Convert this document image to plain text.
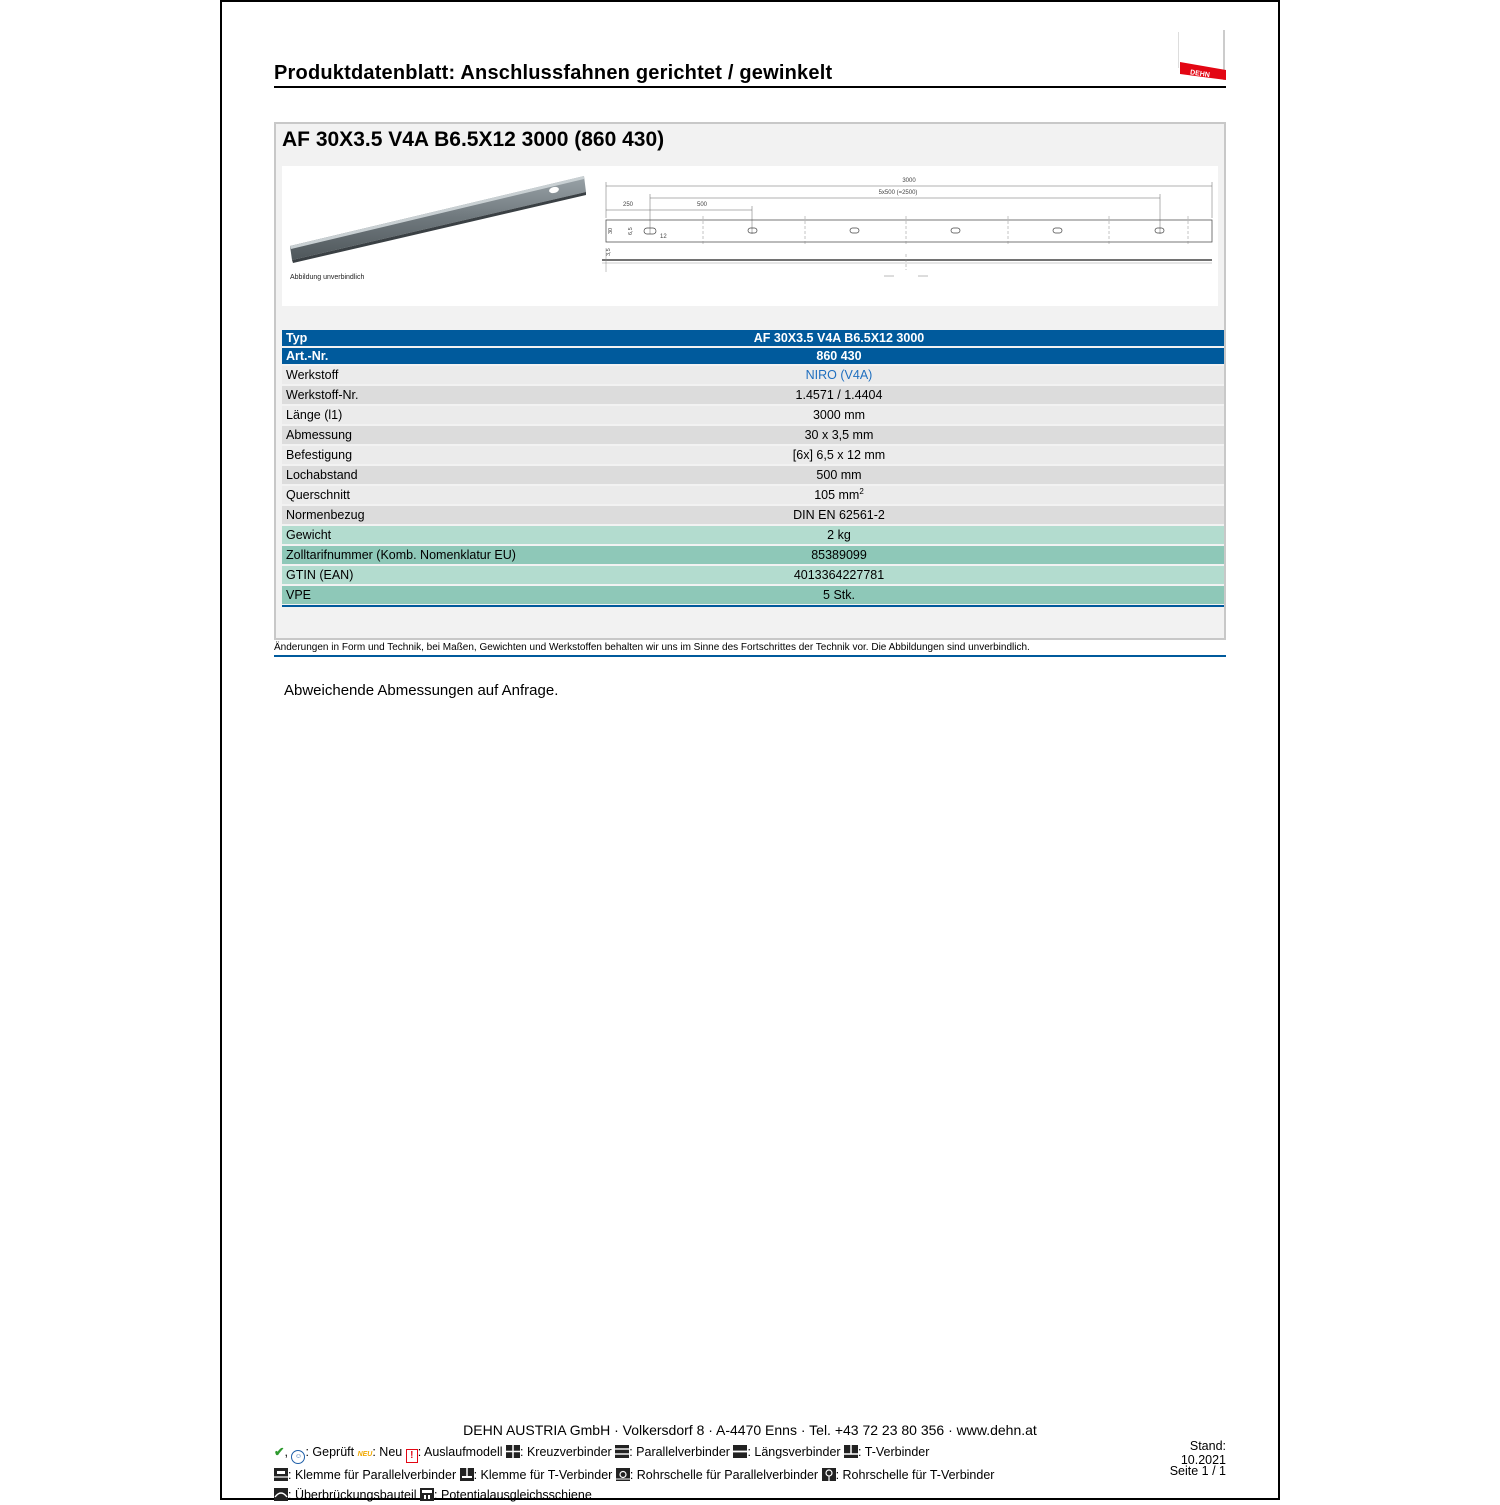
Produktdatenblatt: Anschlussfahnen gerichtet / gewinkelt	DEHN
AF 30X3.5 V4A B6.5X12 3000 (860 430)
Abbildung unverbindlich
3000
5x500 (=2500)
250	500
30	6,5
12
3,5
Typ	AF 30X3.5 V4A B6.5X12 3000
Art.-Nr.	860 430
Werkstoff	NIRO (V4A)
Werkstoff-Nr.	1.4571 / 1.4404
Länge (l1)	3000 mm
Abmessung	30 x 3,5 mm
Befestigung	[6x] 6,5 x 12 mm
Lochabstand	500 mm
Querschnitt	105 $mm^2$
Normenbezug	DIN EN 62561-2
Gewicht	2 kg
Zolltarifnummer (Komb. Nomenklatur EU)	85389099
GTIN (EAN)	4013364227781
VPE	5 Stk.
Änderungen in Form und Technik, bei Maßen, Gewichten und Werkstoffen behalten wir uns im Sinne des Fortschrittes der Technik vor. Die Abbildungen sind unverbindlich.
Abweichende Abmessungen auf Anfrage.
DEHN AUSTRIA GmbH · Volkersdorf 8 · A-4470 Enns · Tel. +43 72 23 80 356 · www.dehn.at
✔, ☺ : Geprüft NEU: Neu ! : Auslaufmodell : Kreuzverbinder : Parallelverbinder : Längsverbinder : T-Verbinder
: Klemme für Parallelverbinder : Klemme für T-Verbinder : Rohrschelle für Parallelverbinder : Rohrschelle für T-Verbinder
: Überbrückungsbauteil : Potentialausgleichsschiene
Stand: 10.2021
Seite 1 / 1
